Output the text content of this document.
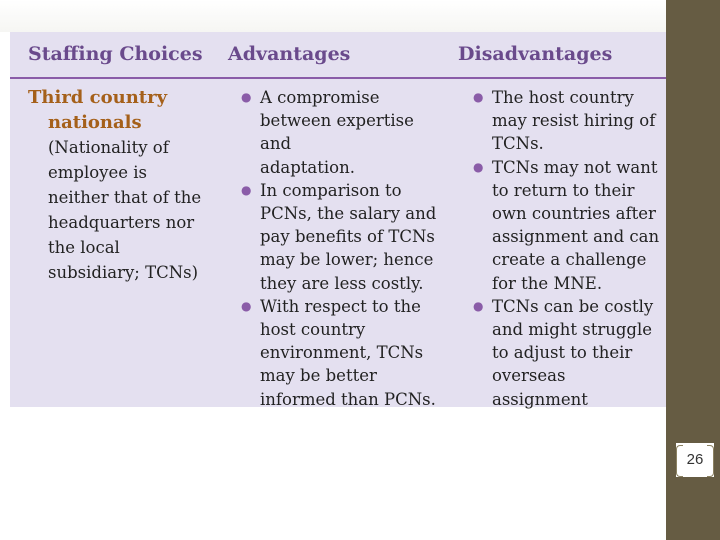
Staffing Choices Advantages	Disadvantages
Third country
nationals
(Nationality of
employee is
neither that of the
headquarters nor
the local
subsidiary; TCNs)
● A compromise
between expertise and
adaptation.
● In comparison to
PCNs, the salary and
pay benefits of TCNs
may be lower; hence
they are less costly.
● With respect to the
host country
environment, TCNs
may be better
informed than PCNs.
● The host country
may resist hiring of
TCNs.
● TCNs may not want
to return to their
own countries after
assignment and can
create a challenge
for the MNE.
● TCNs can be costly
and might struggle
to adjust to their
overseas
assignment
26
